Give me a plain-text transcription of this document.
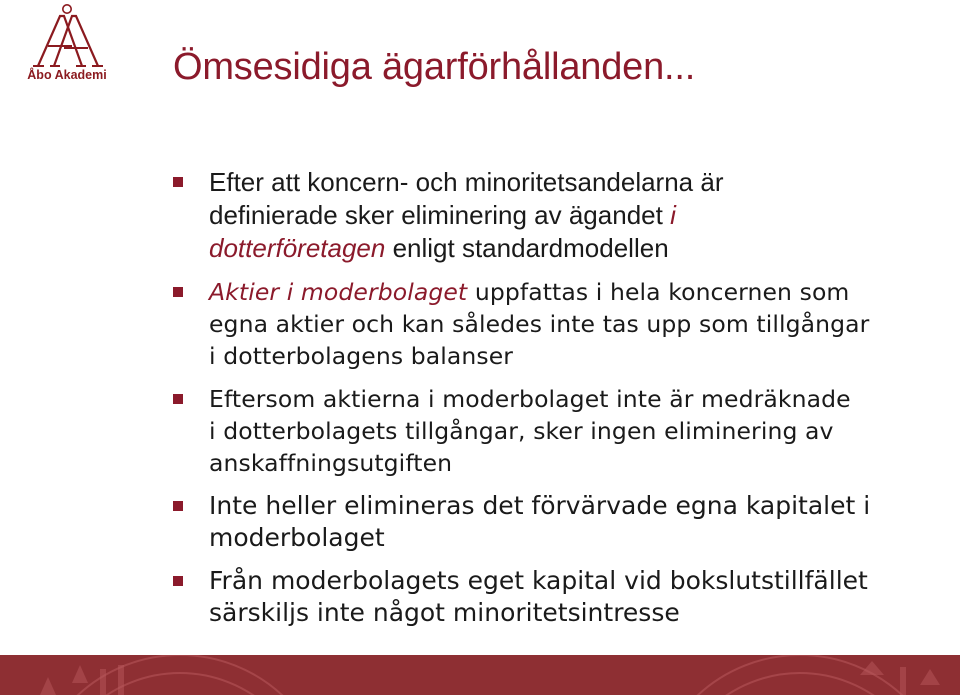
Åbo Akademi Ömsesidiga ägarförhållanden...
Efter att koncern- och minoritetsandelarna är
definierade sker eliminering av ägandet i
dotterföretagen enligt standardmodellen
Aktier i moderbolaget uppfattas i hela koncernen som
egna aktier och kan således inte tas upp som tillgångar
i dotterbolagens balanser
Eftersom aktierna i moderbolaget inte är medräknade
i dotterbolagets tillgångar, sker ingen eliminering av
anskaffningsutgiften
Inte heller elimineras det förvärvade egna kapitalet i
moderbolaget
Från moderbolagets eget kapital vid bokslutstillfället
särskiljs inte något minoritetsintresse
